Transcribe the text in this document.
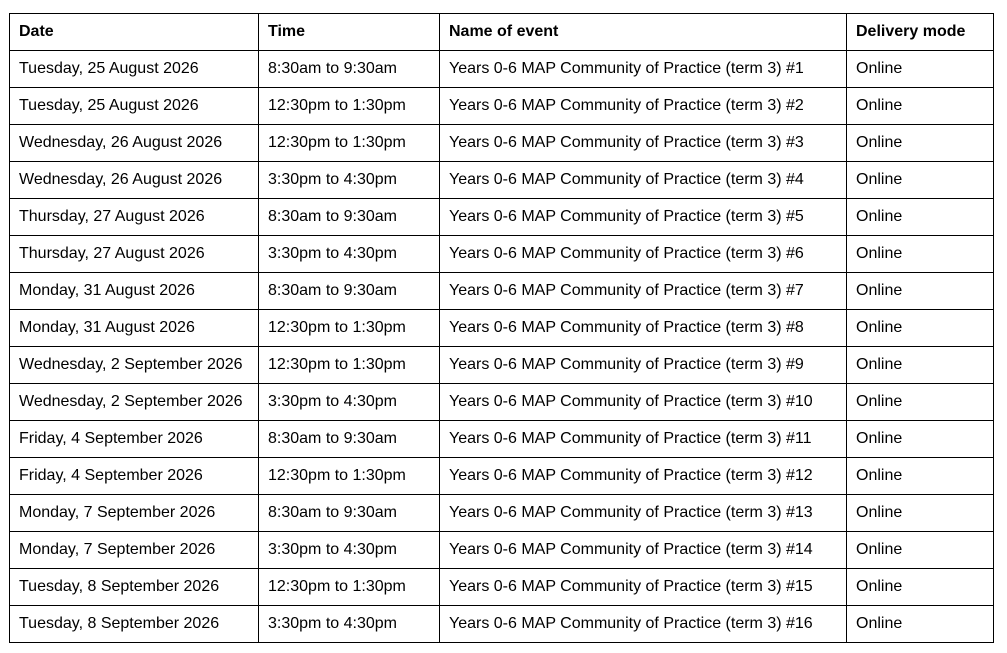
Date	Time	Name of event	Delivery mode
Tuesday, 25 August 2026	8:30am to 9:30am	Years 0-6 MAP Community of Practice (term 3) #1	Online
Tuesday, 25 August 2026	12:30pm to 1:30pm	Years 0-6 MAP Community of Practice (term 3) #2	Online
Wednesday, 26 August 2026	12:30pm to 1:30pm	Years 0-6 MAP Community of Practice (term 3) #3	Online
Wednesday, 26 August 2026	3:30pm to 4:30pm	Years 0-6 MAP Community of Practice (term 3) #4	Online
Thursday, 27 August 2026	8:30am to 9:30am	Years 0-6 MAP Community of Practice (term 3) #5	Online
Thursday, 27 August 2026	3:30pm to 4:30pm	Years 0-6 MAP Community of Practice (term 3) #6	Online
Monday, 31 August 2026	8:30am to 9:30am	Years 0-6 MAP Community of Practice (term 3) #7	Online
Monday, 31 August 2026	12:30pm to 1:30pm	Years 0-6 MAP Community of Practice (term 3) #8	Online
Wednesday, 2 September 2026	12:30pm to 1:30pm	Years 0-6 MAP Community of Practice (term 3) #9	Online
Wednesday, 2 September 2026	3:30pm to 4:30pm	Years 0-6 MAP Community of Practice (term 3) #10	Online
Friday, 4 September 2026	8:30am to 9:30am	Years 0-6 MAP Community of Practice (term 3) #11	Online
Friday, 4 September 2026	12:30pm to 1:30pm	Years 0-6 MAP Community of Practice (term 3) #12	Online
Monday, 7 September 2026	8:30am to 9:30am	Years 0-6 MAP Community of Practice (term 3) #13	Online
Monday, 7 September 2026	3:30pm to 4:30pm	Years 0-6 MAP Community of Practice (term 3) #14	Online
Tuesday, 8 September 2026	12:30pm to 1:30pm	Years 0-6 MAP Community of Practice (term 3) #15	Online
Tuesday, 8 September 2026	3:30pm to 4:30pm	Years 0-6 MAP Community of Practice (term 3) #16	Online
